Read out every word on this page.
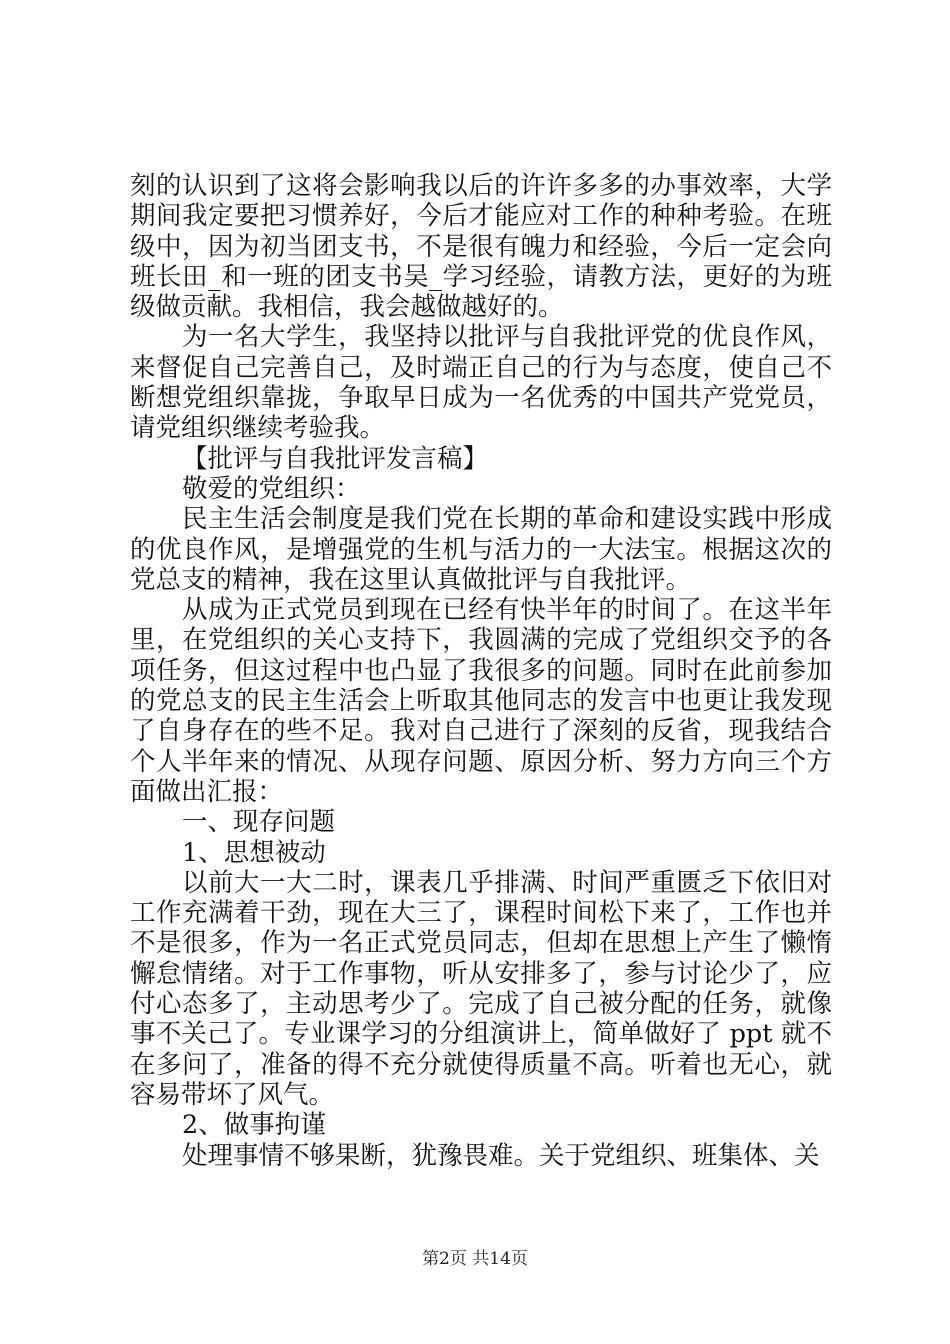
刻的认识到了这将会影响我以后的许许多多的办事效率，大学期间我定要把习惯养好，今后才能应对工作的种种考验。在班级中，因为初当团支书，不是很有魄力和经验，今后一定会向班长田_和一班的团支书吴_学习经验，请教方法，更好的为班级做贡献。我相信，我会越做越好的。

为一名大学生，我坚持以批评与自我批评党的优良作风，来督促自己完善自己，及时端正自己的行为与态度，使自己不断想党组织靠拢，争取早日成为一名优秀的中国共产党党员，请党组织继续考验我。

【批评与自我批评发言稿】

敬爱的党组织：

民主生活会制度是我们党在长期的革命和建设实践中形成的优良作风，是增强党的生机与活力的一大法宝。根据这次的党总支的精神，我在这里认真做批评与自我批评。

从成为正式党员到现在已经有快半年的时间了。在这半年里，在党组织的关心支持下，我圆满的完成了党组织交予的各项任务，但这过程中也凸显了我很多的问题。同时在此前参加的党总支的民主生活会上听取其他同志的发言中也更让我发现了自身存在的些不足。我对自己进行了深刻的反省，现我结合个人半年来的情况、从现存问题、原因分析、努力方向三个方面做出汇报：

一、现存问题

1、思想被动

以前大一大二时，课表几乎排满、时间严重匮乏下依旧对工作充满着干劲，现在大三了，课程时间松下来了，工作也并不是很多，作为一名正式党员同志，但却在思想上产生了懒惰懈怠情绪。对于工作事物，听从安排多了，参与讨论少了，应付心态多了，主动思考少了。完成了自己被分配的任务，就像事不关己了。专业课学习的分组演讲上，简单做好了 ppt 就不在多问了，准备的得不充分就使得质量不高。听着也无心，就容易带坏了风气。

2、做事拘谨

处理事情不够果断，犹豫畏难。关于党组织、班集体、关

第2页 共14页
